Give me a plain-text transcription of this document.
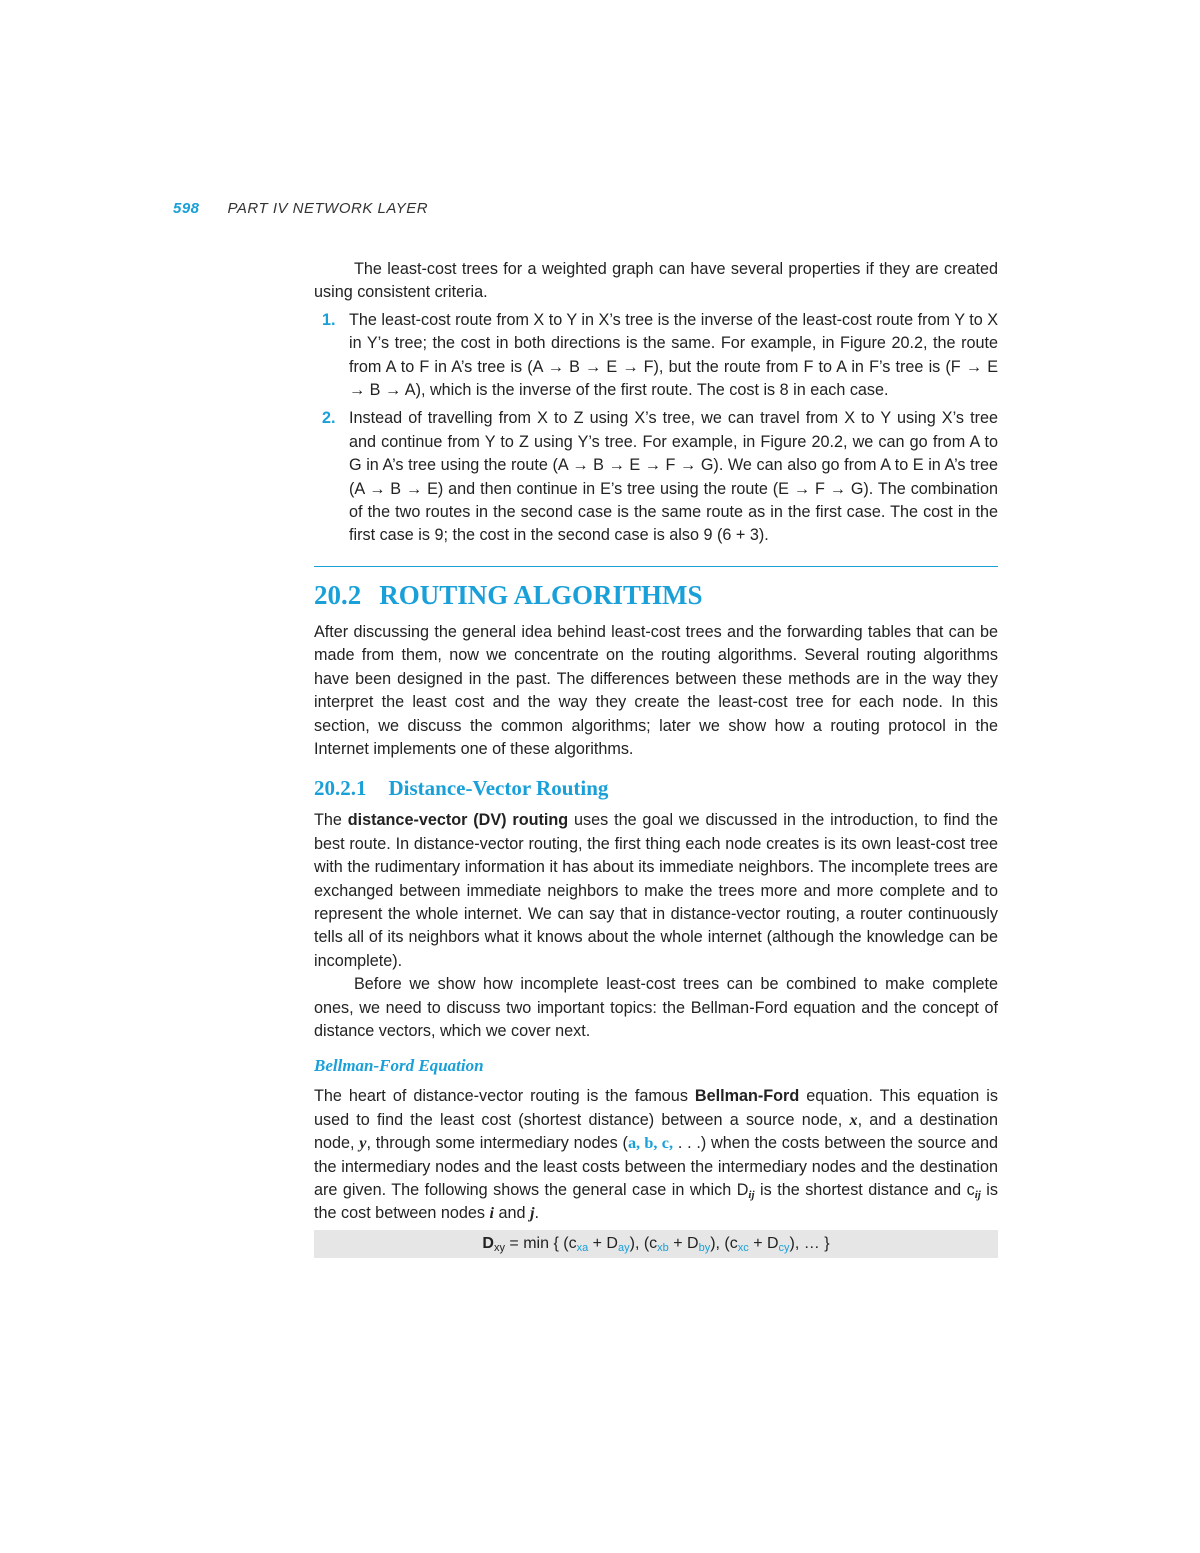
598 PART IV NETWORK LAYER

The least-cost trees for a weighted graph can have several properties if they are created using consistent criteria.

1. The least-cost route from X to Y in X’s tree is the inverse of the least-cost route from Y to X in Y’s tree; the cost in both directions is the same. For example, in Figure 20.2, the route from A to F in A’s tree is (A → B → E → F), but the route from F to A in F’s tree is (F → E → B → A), which is the inverse of the first route. The cost is 8 in each case.
2. Instead of travelling from X to Z using X’s tree, we can travel from X to Y using X’s tree and continue from Y to Z using Y’s tree. For example, in Figure 20.2, we can go from A to G in A’s tree using the route (A → B → E → F → G). We can also go from A to E in A’s tree (A → B → E) and then continue in E’s tree using the route (E → F → G). The combination of the two routes in the second case is the same route as in the first case. The cost in the first case is 9; the cost in the second case is also 9 (6 + 3).
20.2 ROUTING ALGORITHMS

After discussing the general idea behind least-cost trees and the forwarding tables that can be made from them, now we concentrate on the routing algorithms. Several routing algorithms have been designed in the past. The differences between these methods are in the way they interpret the least cost and the way they create the least-cost tree for each node. In this section, we discuss the common algorithms; later we show how a routing protocol in the Internet implements one of these algorithms.

20.2.1 Distance-Vector Routing

The distance-vector (DV) routing uses the goal we discussed in the introduction, to find the best route. In distance-vector routing, the first thing each node creates is its own least-cost tree with the rudimentary information it has about its immediate neighbors. The incomplete trees are exchanged between immediate neighbors to make the trees more and more complete and to represent the whole internet. We can say that in distance-vector routing, a router continuously tells all of its neighbors what it knows about the whole internet (although the knowledge can be incomplete).

Before we show how incomplete least-cost trees can be combined to make complete ones, we need to discuss two important topics: the Bellman-Ford equation and the concept of distance vectors, which we cover next.

Bellman-Ford Equation

The heart of distance-vector routing is the famous Bellman-Ford equation. This equation is used to find the least cost (shortest distance) between a source node, x, and a destination node, y, through some intermediary nodes (a, b, c, . . .) when the costs between the source and the intermediary nodes and the least costs between the intermediary nodes and the destination are given. The following shows the general case in which $D_{ij}$ is the shortest distance and $c_{ij}$ is the cost between nodes i and j.

$D_{xy} = \min$ { $(c_{xa} + D_{ay})$, $(c_{xb} + D_{by})$, $(c_{xc} + D_{cy})$, … }
